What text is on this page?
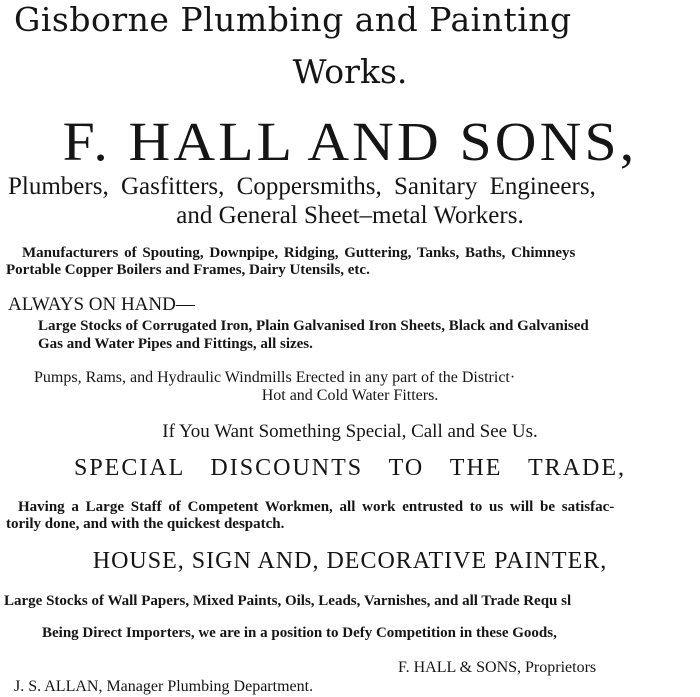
Gisborne Plumbing and Painting
Works.
F. HALL AND SONS,
Plumbers, Gasfitters, Coppersmiths, Sanitary Engineers,
and General Sheet–metal Workers.
Manufacturers of Spouting, Downpipe, Ridging, Guttering, Tanks, Baths, Chimneys
Portable Copper Boilers and Frames, Dairy Utensils, etc.
ALWAYS ON HAND—
Large Stocks of Corrugated Iron, Plain Galvanised Iron Sheets, Black and Galvanised
Gas and Water Pipes and Fittings, all sizes.
Pumps, Rams, and Hydraulic Windmills Erected in any part of the District·
Hot and Cold Water Fitters.
If You Want Something Special, Call and See Us.
SPECIAL DISCOUNTS TO THE TRADE,
Having a Large Staff of Competent Workmen, all work entrusted to us will be satisfac-
torily done, and with the quickest despatch.
HOUSE, SIGN AND, DECORATIVE PAINTER,
Large Stocks of Wall Papers, Mixed Paints, Oils, Leads, Varnishes, and all Trade Requ sl
Being Direct Importers, we are in a position to Defy Competition in these Goods,
F. HALL & SONS, Proprietors
J. S. ALLAN, Manager Plumbing Department.
